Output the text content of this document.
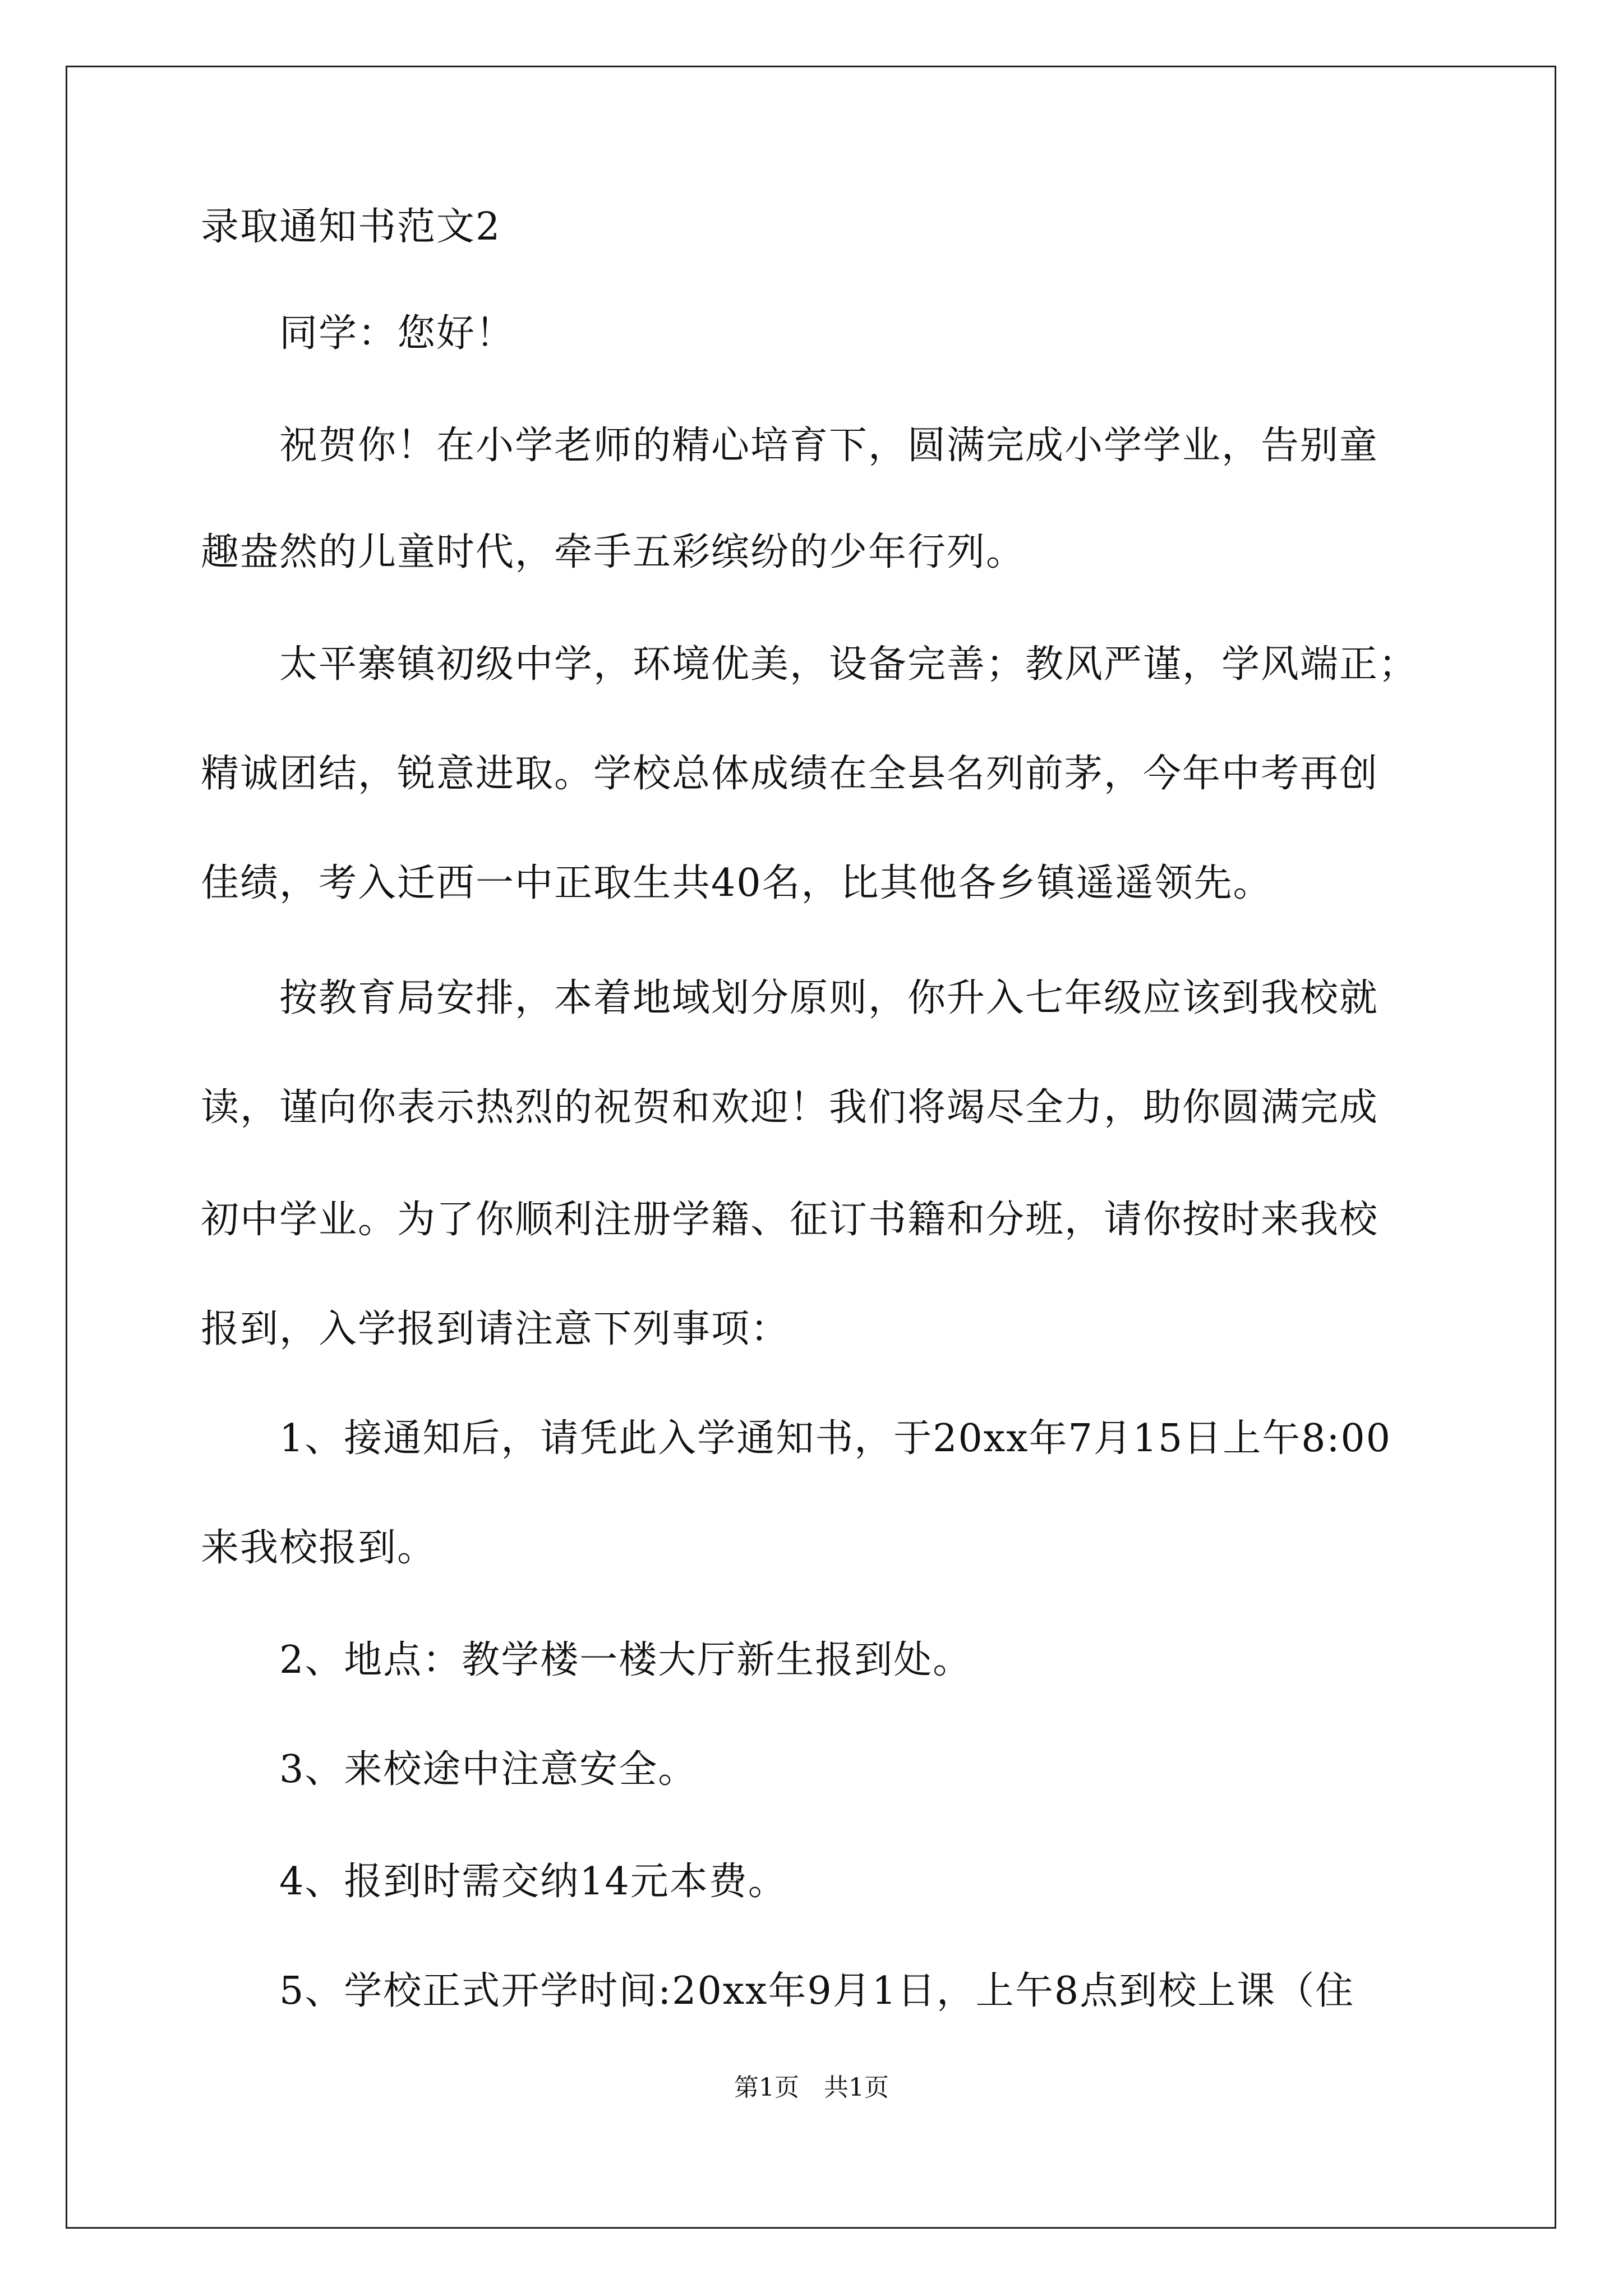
录取通知书范文2
同学：您好！
祝贺你！在小学老师的精心培育下，圆满完成小学学业，告别童
趣盎然的儿童时代，牵手五彩缤纷的少年行列。
太平寨镇初级中学，环境优美，设备完善；教风严谨，学风端正；
精诚团结，锐意进取。学校总体成绩在全县名列前茅，今年中考再创
佳绩，考入迁西一中正取生共40名，比其他各乡镇遥遥领先。
按教育局安排，本着地域划分原则，你升入七年级应该到我校就
读，谨向你表示热烈的祝贺和欢迎！我们将竭尽全力，助你圆满完成
初中学业。为了你顺利注册学籍、征订书籍和分班，请你按时来我校
报到，入学报到请注意下列事项：
1、接通知后，请凭此入学通知书，于20xx年7月15日上午8:00
来我校报到。
2、地点：教学楼一楼大厅新生报到处。
3、来校途中注意安全。
4、报到时需交纳14元本费。
5、学校正式开学时间:20xx年9月1日，上午8点到校上课（住
第1页　共1页
